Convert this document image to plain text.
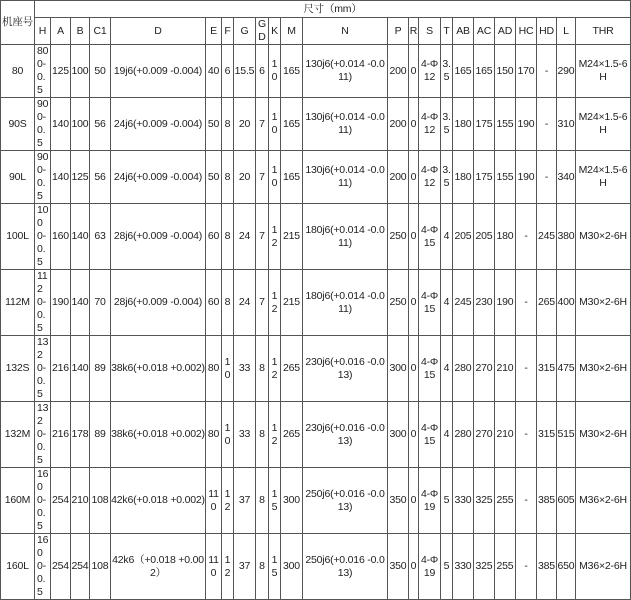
机座号	尺寸（mm）																						
	H	A	B	C1	D	E	F	G	GD	K	M	N	P	R	S	T	AB	AC	AD	HC	HD	L	THR
80	80 0-0.5	125	100	50	19j6(+0.009 -0.004)	40	6	15.5	6	10	165	130j6(+0.014 -0.011)	200	0	4-Φ12	3.5	165	165	150	170	-	290	M24×1.5-6H
90S	90 0-0.5	140	100	56	24j6(+0.009 -0.004)	50	8	20	7	10	165	130j6(+0.014 -0.011)	200	0	4-Φ12	3.5	180	175	155	190	-	310	M24×1.5-6H
90L	90 0-0.5	140	125	56	24j6(+0.009 -0.004)	50	8	20	7	10	165	130j6(+0.014 -0.011)	200	0	4-Φ12	3.5	180	175	155	190	-	340	M24×1.5-6H
100L	100 0-0.5	160	140	63	28j6(+0.009 -0.004)	60	8	24	7	12	215	180j6(+0.014 -0.011)	250	0	4-Φ15	4	205	205	180	-	245	380	M30×2-6H
112M	112 0-0.5	190	140	70	28j6(+0.009 -0.004)	60	8	24	7	12	215	180j6(+0.014 -0.011)	250	0	4-Φ15	4	245	230	190	-	265	400	M30×2-6H
132S	132 0-0.5	216	140	89	38k6(+0.018 +0.002)	80	10	33	8	12	265	230j6(+0.016 -0.013)	300	0	4-Φ15	4	280	270	210	-	315	475	M30×2-6H
132M	132 0-0.5	216	178	89	38k6(+0.018 +0.002)	80	10	33	8	12	265	230j6(+0.016 -0.013)	300	0	4-Φ15	4	280	270	210	-	315	515	M30×2-6H
160M	160 0-0.5	254	210	108	42k6(+0.018 +0.002)	110	12	37	8	15	300	250j6(+0.016 -0.013)	350	0	4-Φ19	5	330	325	255	-	385	605	M36×2-6H
160L	160 0-0.5	254	254	108	42k6（+0.018 +0.002）	110	12	37	8	15	300	250j6(+0.016 -0.013)	350	0	4-Φ19	5	330	325	255	-	385	650	M36×2-6H
